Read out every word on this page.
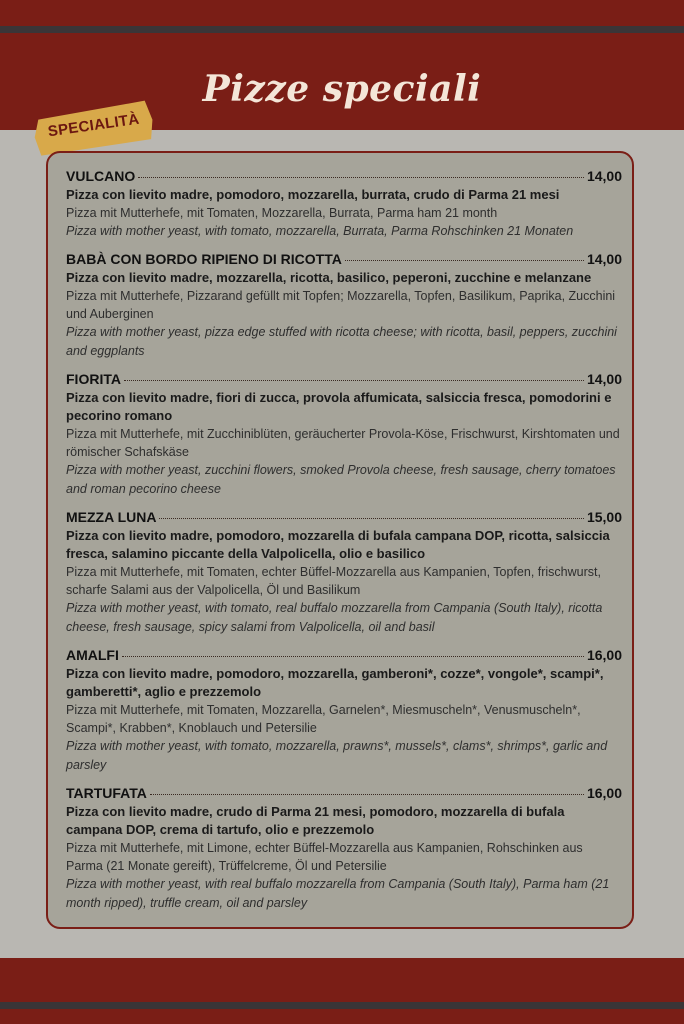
Pizze speciali
SPECIALITÀ
VULCANO	14,00
Pizza con lievito madre, pomodoro, mozzarella, burrata, crudo di Parma 21 mesi
Pizza mit Mutterhefe, mit Tomaten, Mozzarella, Burrata, Parma ham 21 month
Pizza with mother yeast, with tomato, mozzarella, Burrata, Parma Rohschinken 21 Monaten
BABÀ CON BORDO RIPIENO DI RICOTTA	14,00
Pizza con lievito madre, mozzarella, ricotta, basilico, peperoni, zucchine e melanzane
Pizza mit Mutterhefe, Pizzarand gefüllt mit Topfen; Mozzarella, Topfen, Basilikum, Paprika, Zucchini und Auberginen
Pizza with mother yeast, pizza edge stuffed with ricotta cheese; with ricotta, basil, peppers, zucchini and eggplants
FIORITA	14,00
Pizza con lievito madre, fiori di zucca, provola affumicata, salsiccia fresca, pomodorini e pecorino romano
Pizza mit Mutterhefe, mit Zucchiniblüten, geräucherter Provola-Köse, Frischwurst, Kirshtomaten und römischer Schafskäse
Pizza with mother yeast, zucchini flowers, smoked Provola cheese, fresh sausage, cherry tomatoes and roman pecorino cheese
MEZZA LUNA	15,00
Pizza con lievito madre, pomodoro, mozzarella di bufala campana DOP, ricotta, salsiccia fresca, salamino piccante della Valpolicella, olio e basilico
Pizza mit Mutterhefe, mit Tomaten, echter Büffel-Mozzarella aus Kampanien, Topfen, frischwurst, scharfe Salami aus der Valpolicella, Öl und Basilikum
Pizza with mother yeast, with tomato, real buffalo mozzarella from Campania (South Italy), ricotta cheese, fresh sausage, spicy salami from Valpolicella, oil and basil
AMALFI	16,00
Pizza con lievito madre, pomodoro, mozzarella, gamberoni*, cozze*, vongole*, scampi*, gamberetti*, aglio e prezzemolo
Pizza mit Mutterhefe, mit Tomaten, Mozzarella, Garnelen*, Miesmuscheln*, Venusmuscheln*, Scampi*, Krabben*, Knoblauch und Petersilie
Pizza with mother yeast, with tomato, mozzarella, prawns*, mussels*, clams*, shrimps*, garlic and parsley
TARTUFATA	16,00
Pizza con lievito madre, crudo di Parma 21 mesi, pomodoro, mozzarella di bufala campana DOP, crema di tartufo, olio e prezzemolo
Pizza mit Mutterhefe, mit Limone, echter Büffel-Mozzarella aus Kampanien, Rohschinken aus Parma (21 Monate gereift), Trüffelcreme, Öl und Petersilie
Pizza with mother yeast, with real buffalo mozzarella from Campania (South Italy), Parma ham (21 month ripped), truffle cream, oil and parsley
